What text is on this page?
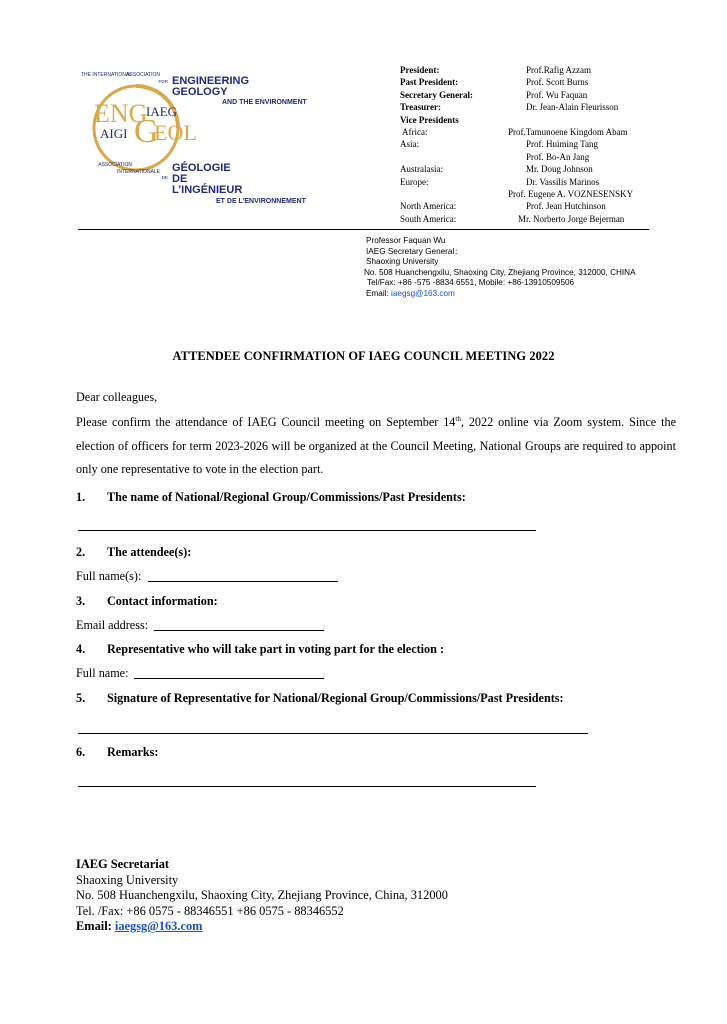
THE INTERNATIONAL
ASSOCIATION
FOR ENGINEERING
GEOLOGY
AND THE ENVIRONMENT
ENG
IAEG
AIGI G
EOL
ASSOCIATION
INTERNATIONALE
DE
GÉOLOGIE
DE
L’INGÉNIEUR
ET DE L’ENVIRONNEMENT
President:	Prof.Rafig Azzam
Past President:	Prof. Scott Burns
Secretary General:	Prof. Wu Faquan
Treasurer:	Dr. Jean-Alain Fleurisson
Vice Presidents
Africa:	Prof.Tamunoene Kingdom Abam
Asia:	Prof. Huiming Tang
Prof. Bo-An Jang
Australasia:	Mr. Doug Johnson
Europe:	Dr. Vassilis Marinos
Prof. Eugene A. VOZNESENSKY
North America:	Prof. Jean Hutchinson
South America:	Mr. Norberto Jorge Bejerman
Professor Faquan Wu
IAEG Secretary General：
Shaoxing University
No. 508 Huanchengxilu, Shaoxing City, Zhejiang Province, 312000, CHINA
Tel/Fax: +86 -575 -8834 6551, Mobile: +86-13910509506
Email: iaegsg@163.com
ATTENDEE CONFIRMATION OF IAEG COUNCIL MEETING 2022
Dear colleagues,
Please confirm the attendance of IAEG Council meeting on September 14th, 2022 online via Zoom system. Since the election of officers for term 2023-2026 will be organized at the Council Meeting, National Groups are required to appoint only one representative to vote in the election part.
1. The name of National/Regional Group/Commissions/Past Presidents:
2. The attendee(s):
Full name(s):
3. Contact information:
Email address:
4. Representative who will take part in voting part for the election :
Full name:
5. Signature of Representative for National/Regional Group/Commissions/Past Presidents:
6. Remarks:
IAEG Secretariat
Shaoxing University
No. 508 Huanchengxilu, Shaoxing City, Zhejiang Province, China, 312000
Tel. /Fax: +86 0575 - 88346551 +86 0575 - 88346552
Email: iaegsg@163.com
